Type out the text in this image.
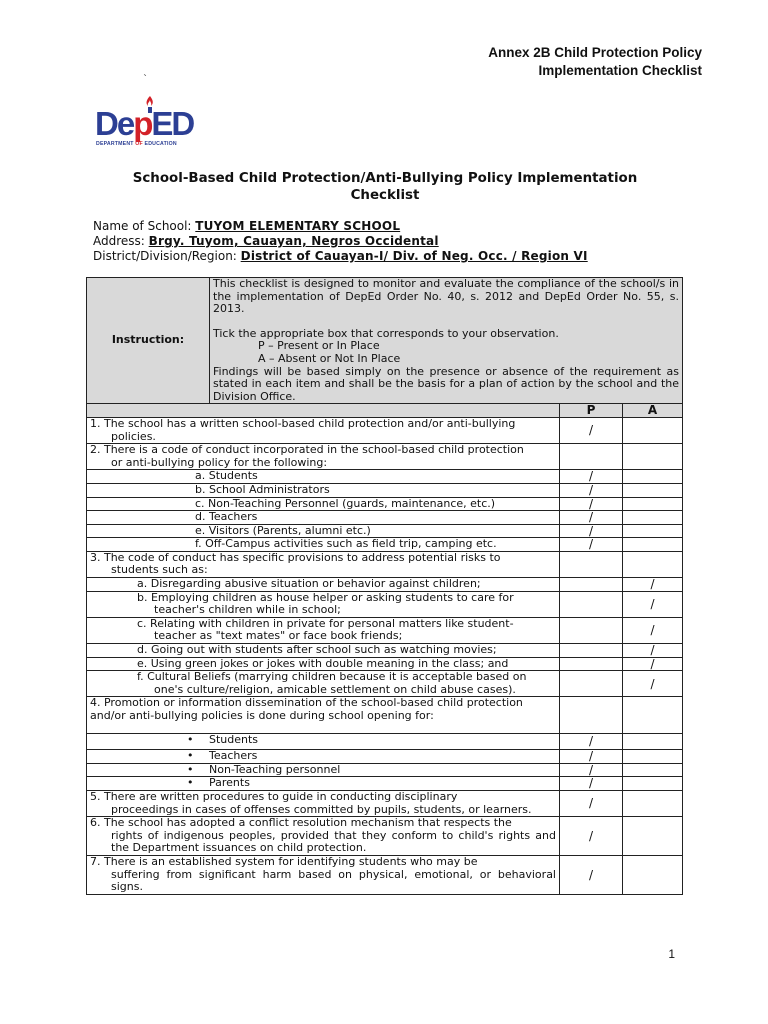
Annex 2B Child Protection Policy
Implementation Checklist
`
DepED
DEPARTMENT OF EDUCATION
School-Based Child Protection/Anti-Bullying Policy Implementation
Checklist
Name of School: TUYOM ELEMENTARY SCHOOL
Address: Brgy. Tuyom, Cauayan, Negros Occidental
District/Division/Region: District of Cauayan-I/ Div. of Neg. Occ. / Region VI
Instruction:	This checklist is designed to monitor and evaluate the compliance of the school/s in the implementation of DepEd Order No. 40, s. 2012 and DepEd Order No. 55, s. 2013.
Tick the appropriate box that corresponds to your observation.
P – Present or In Place
A – Absent or Not In Place
Findings will be based simply on the presence or absence of the requirement as stated in each item and shall be the basis for a plan of action by the school and the Division Office.		

		P	A

1. The school has a written school-based child protection and/or anti-bullying
policies.		/	

2. There is a code of conduct incorporated in the school-based child protection
or anti-bullying policy for the following:			

a. Students		/	
b. School Administrators		/	
c. Non-Teaching Personnel (guards, maintenance, etc.)		/	
d. Teachers		/	
e. Visitors (Parents, alumni etc.)		/	
f. Off-Campus activities such as field trip, camping etc.		/	

3. The code of conduct has specific provisions to address potential risks to
students such as:			

a. Disregarding abusive situation or behavior against children;			/

b. Employing children as house helper or asking students to care for
teacher's children while in school;			/

c. Relating with children in private for personal matters like student-
teacher as "text mates" or face book friends;			/

d. Going out with students after school such as watching movies;			/

e. Using green jokes or jokes with double meaning in the class; and			/

f. Cultural Beliefs (marrying children because it is acceptable based on
one's culture/religion, amicable settlement on child abuse cases).			/

4. Promotion or information dissemination of the school-based child protection
and/or anti-bullying policies is done during school opening for:			

• Students		/	
• Teachers		/	
• Non-Teaching personnel		/	
• Parents		/	

5. There are written procedures to guide in conducting disciplinary
proceedings in cases of offenses committed by pupils, students, or learners.		/	

6. The school has adopted a conflict resolution mechanism that respects the
rights of indigenous peoples, provided that they conform to child's rights and the Department issuances on child protection.		/	

7. There is an established system for identifying students who may be
suffering from significant harm based on physical, emotional, or behavioral signs.		/	
1
